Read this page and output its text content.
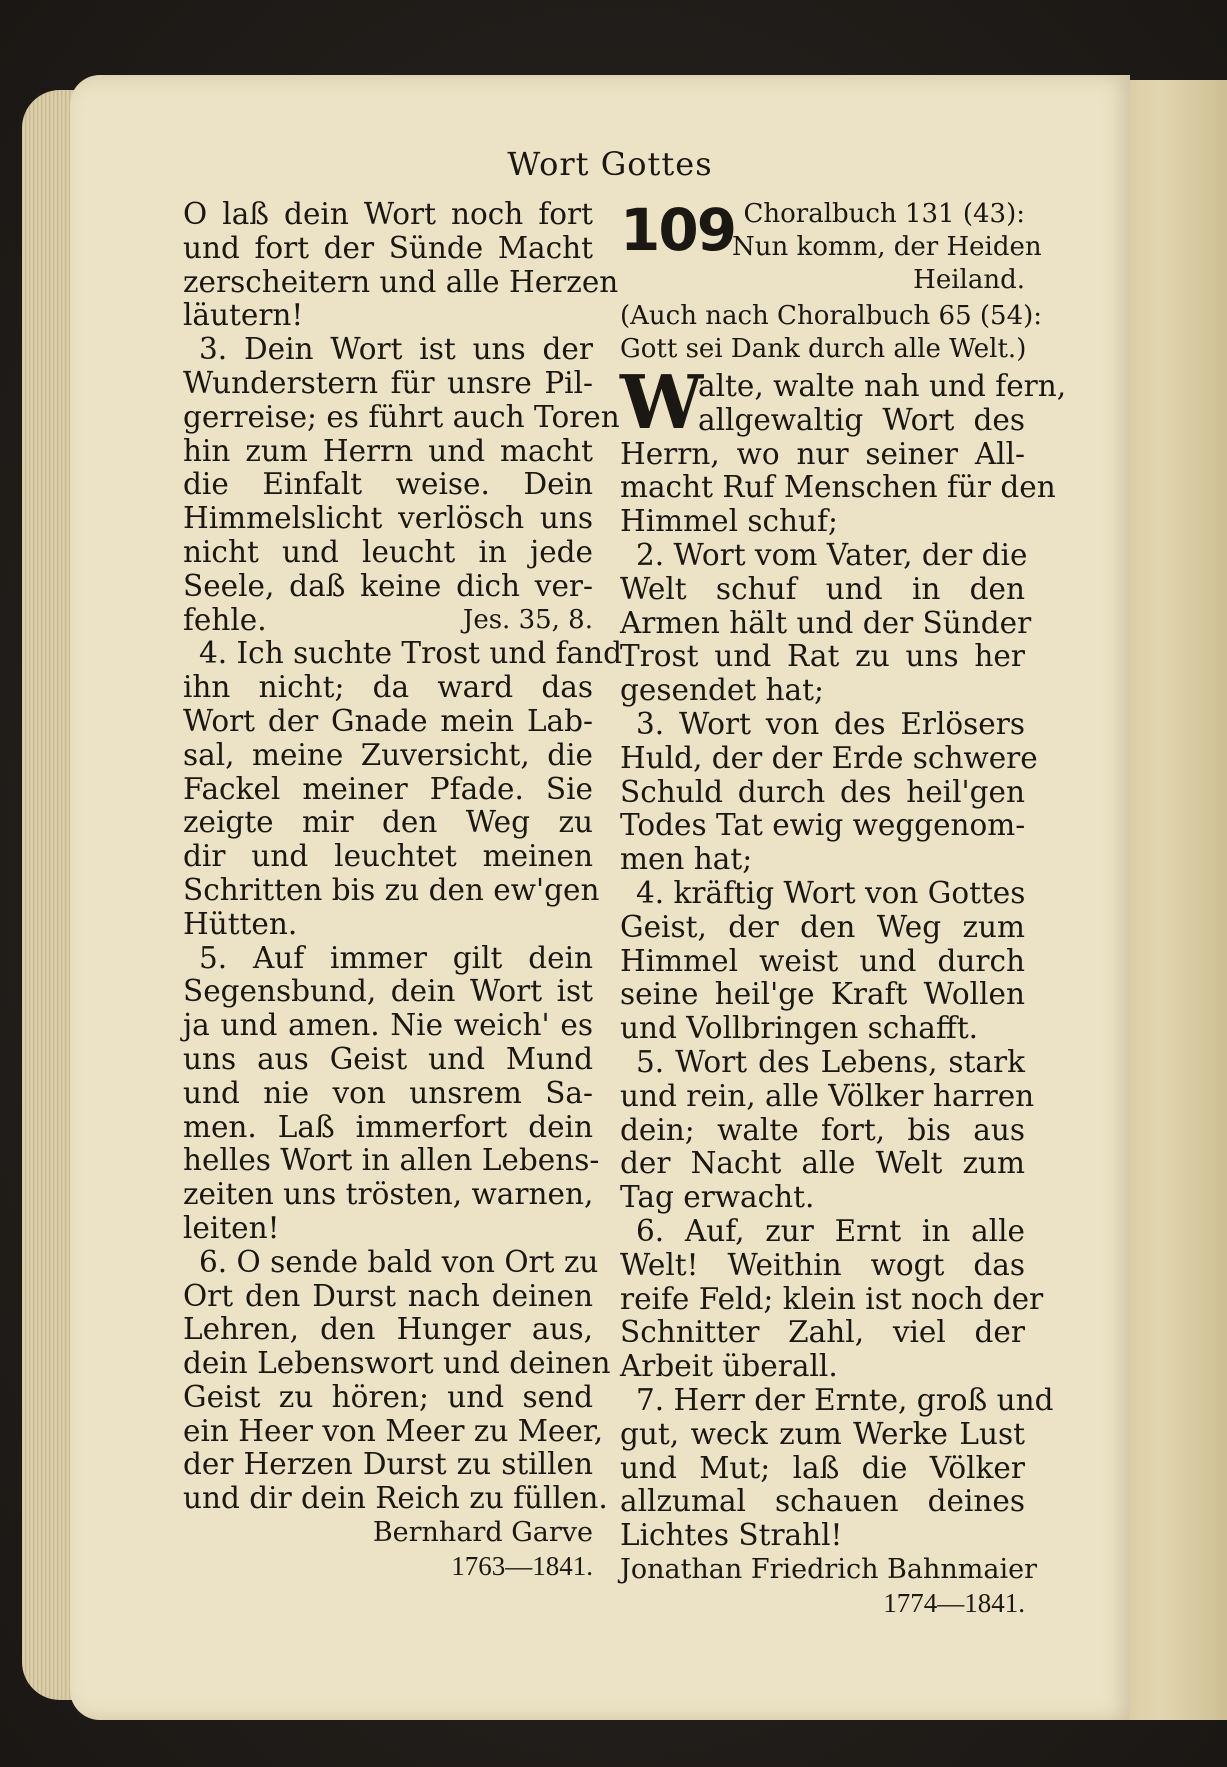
Wort Gottes
O laß dein Wort noch fort
und fort der Sünde Macht
zerscheitern und alle Herzen
läutern!
3. Dein Wort ist uns der
Wunderstern für unsre Pil-
gerreise; es führt auch Toren
hin zum Herrn und macht
die Einfalt weise. Dein
Himmelslicht verlösch uns
nicht und leucht in jede
Seele, daß keine dich ver-
fehle.	Jes. 35, 8.
4. Ich suchte Trost und fand
ihn nicht; da ward das
Wort der Gnade mein Lab-
sal, meine Zuversicht, die
Fackel meiner Pfade. Sie
zeigte mir den Weg zu
dir und leuchtet meinen
Schritten bis zu den ew'gen
Hütten.
5. Auf immer gilt dein
Segensbund, dein Wort ist
ja und amen. Nie weich' es
uns aus Geist und Mund
und nie von unsrem Sa-
men. Laß immerfort dein
helles Wort in allen Lebens-
zeiten uns trösten, warnen,
leiten!
6. O sende bald von Ort zu
Ort den Durst nach deinen
Lehren, den Hunger aus,
dein Lebenswort und deinen
Geist zu hören; und send
ein Heer von Meer zu Meer,
der Herzen Durst zu stillen
und dir dein Reich zu füllen.
Bernhard Garve
1763—1841.
109 Choralbuch 131 (43):
Nun komm, der Heiden
Heiland.
(Auch nach Choralbuch 65 (54):
Gott sei Dank durch alle Welt.)
W
alte, walte nah und fern,
allgewaltig Wort des
Herrn, wo nur seiner All-
macht Ruf Menschen für den
Himmel schuf;
2. Wort vom Vater, der die
Welt schuf und in den
Armen hält und der Sünder
Trost und Rat zu uns her
gesendet hat;
3. Wort von des Erlösers
Huld, der der Erde schwere
Schuld durch des heil'gen
Todes Tat ewig weggenom-
men hat;
4. kräftig Wort von Gottes
Geist, der den Weg zum
Himmel weist und durch
seine heil'ge Kraft Wollen
und Vollbringen schafft.
5. Wort des Lebens, stark
und rein, alle Völker harren
dein; walte fort, bis aus
der Nacht alle Welt zum
Tag erwacht.
6. Auf, zur Ernt in alle
Welt! Weithin wogt das
reife Feld; klein ist noch der
Schnitter Zahl, viel der
Arbeit überall.
7. Herr der Ernte, groß und
gut, weck zum Werke Lust
und Mut; laß die Völker
allzumal schauen deines
Lichtes Strahl!
Jonathan Friedrich Bahnmaier
1774—1841.
